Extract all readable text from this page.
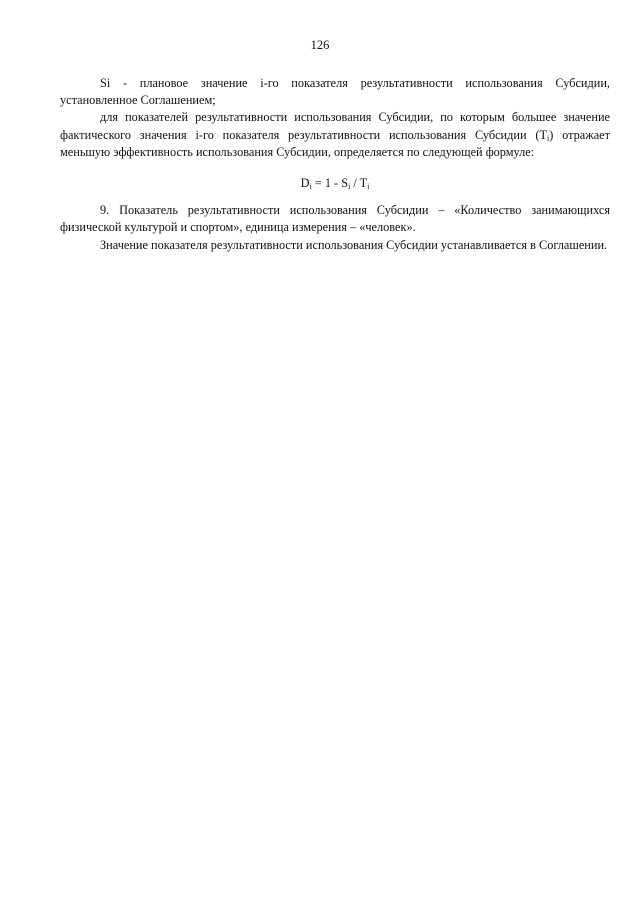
126

Si - плановое значение i-го показателя результативности использования Субсидии, установленное Соглашением;

для показателей результативности использования Субсидии, по которым большее значение фактического значения i-го показателя результативности использования Субсидии $(T_i)$ отражает меньшую эффективность использования Субсидии, определяется по следующей формуле:

$D_i = 1 - S_i / T_i$

9. Показатель результативности использования Субсидии – «Количество занимающихся физической культурой и спортом», единица измерения – «человек».

Значение показателя результативности использования Субсидии устанавливается в Соглашении.
